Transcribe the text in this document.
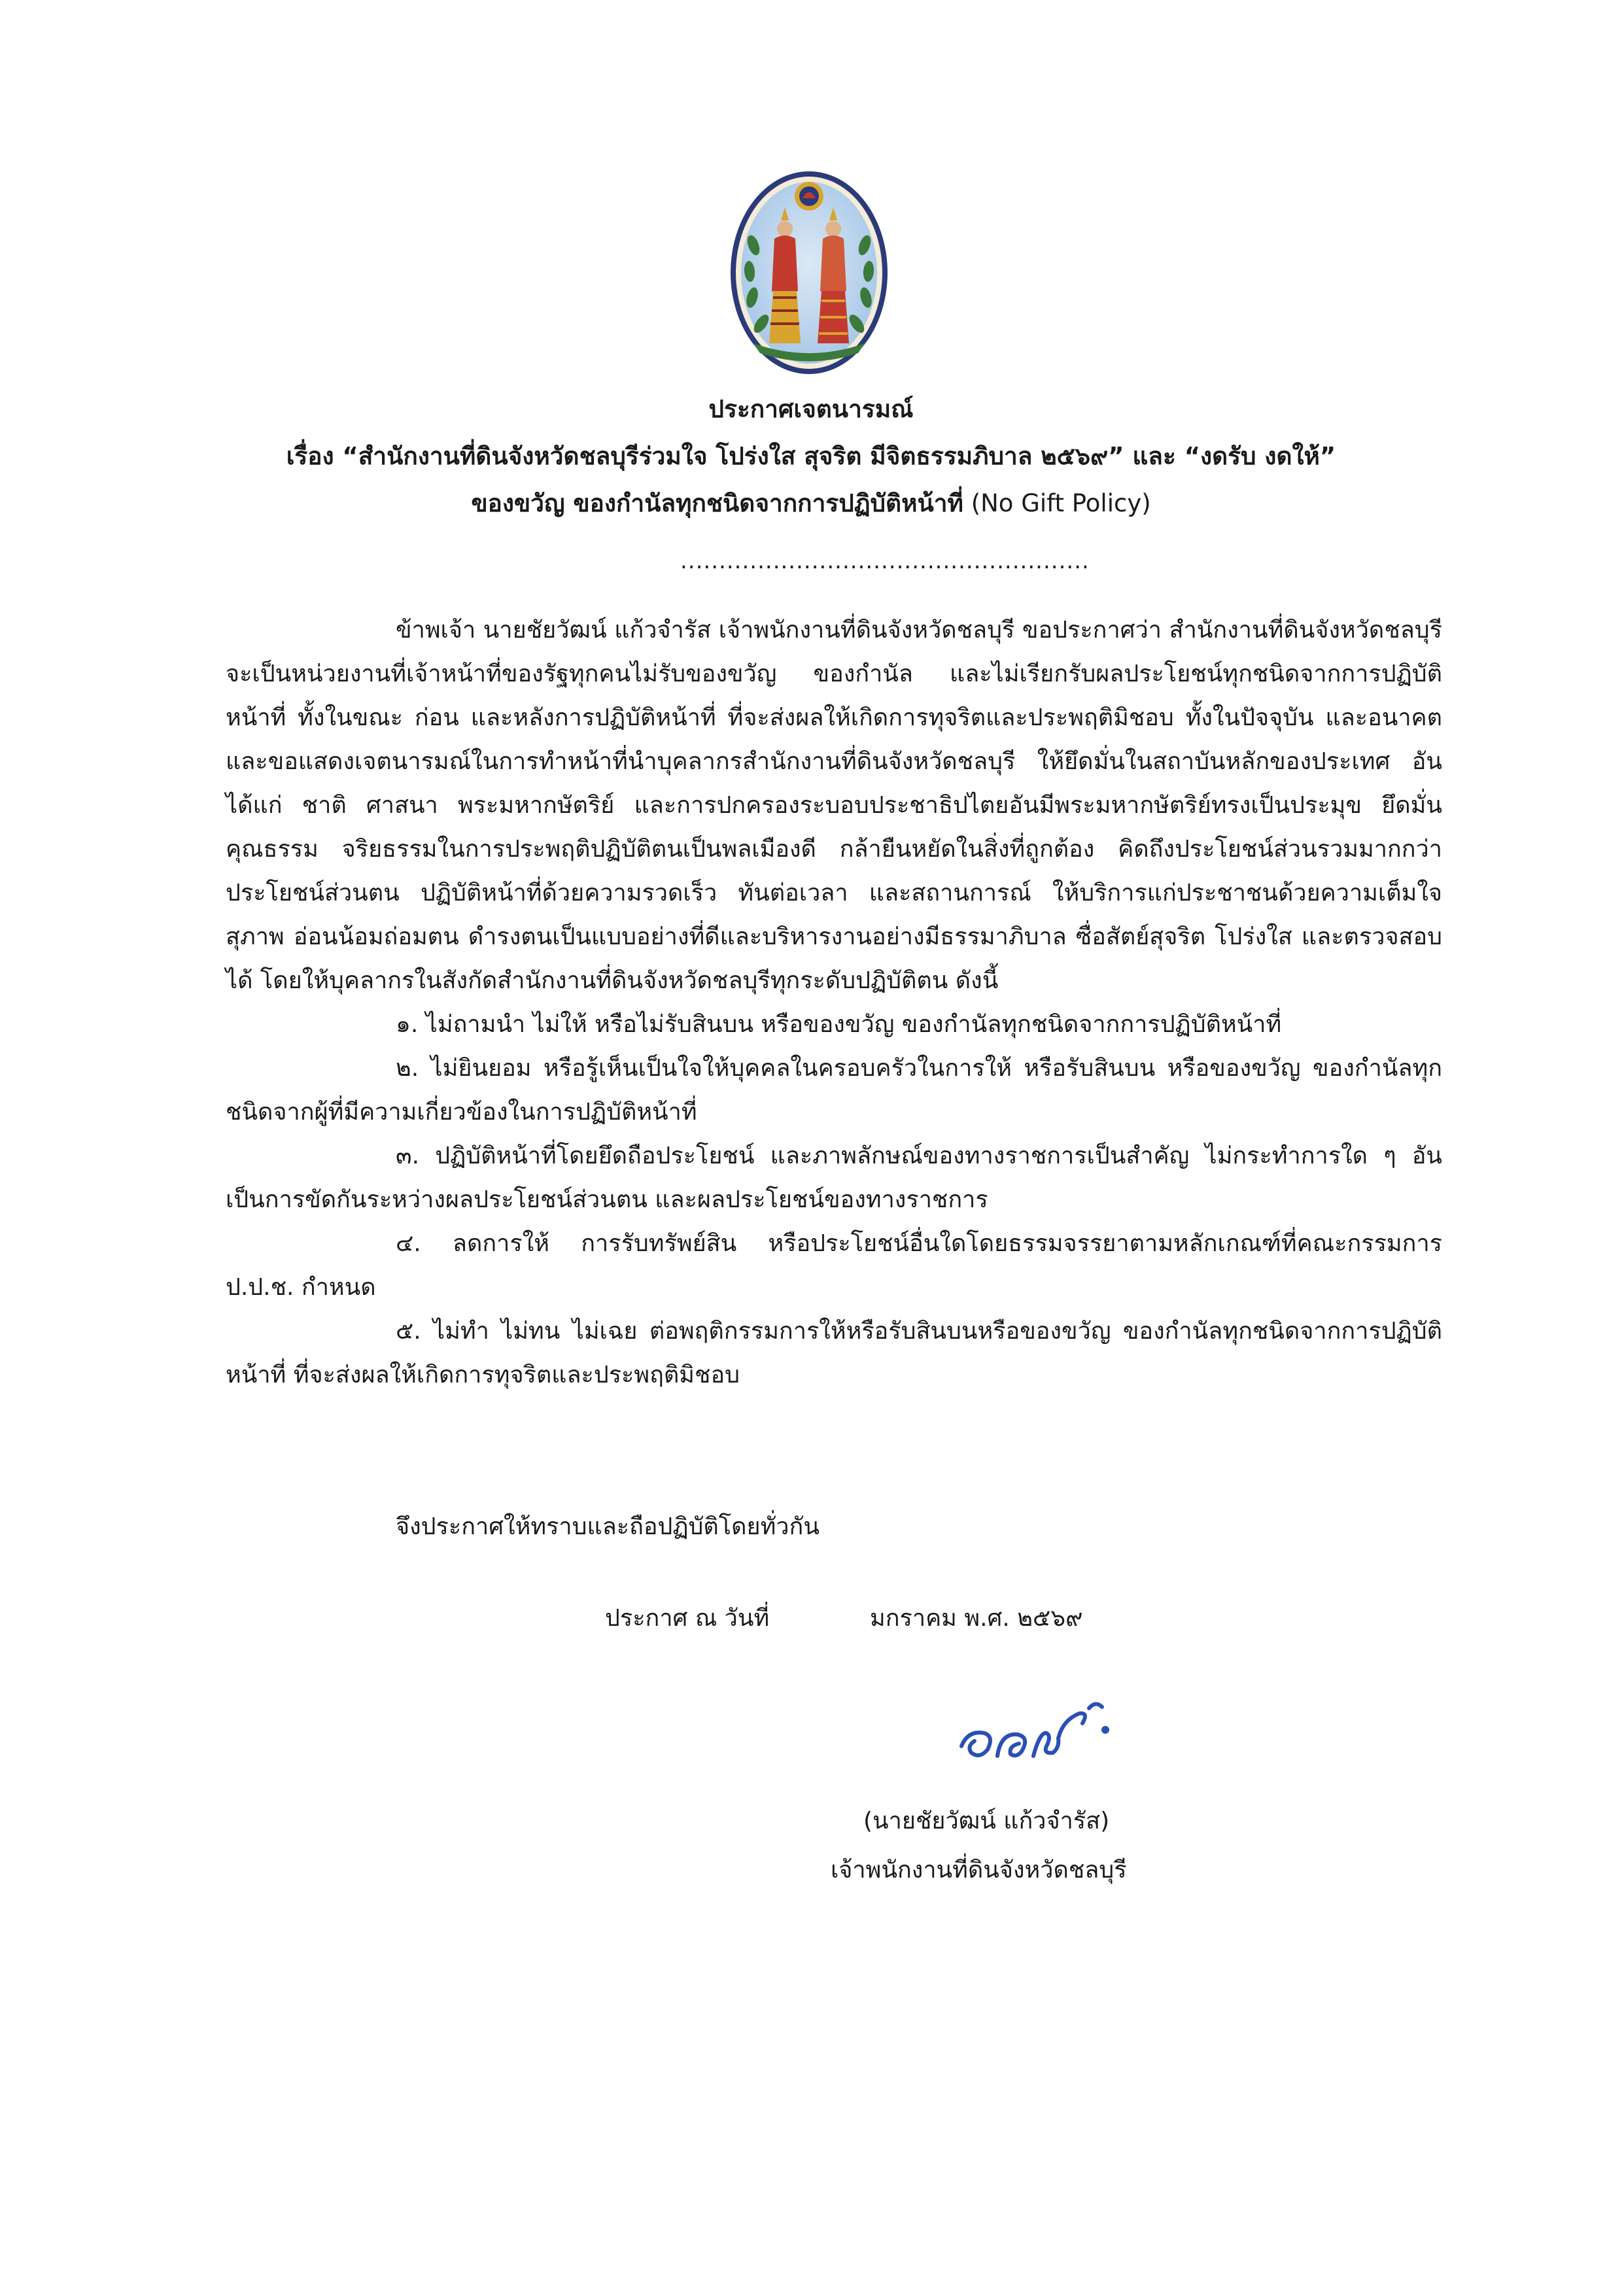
ประกาศเจตนารมณ์
เรื่อง “สำนักงานที่ดินจังหวัดชลบุรีร่วมใจ โปร่งใส สุจริต มีจิตธรรมภิบาล ๒๕๖๙” และ “งดรับ งดให้”
ของขวัญ ของกำนัลทุกชนิดจากการปฏิบัติหน้าที่ (No Gift Policy)
.....................................................

ข้าพเจ้า นายชัยวัฒน์ แก้วจำรัส เจ้าพนักงานที่ดินจังหวัดชลบุรี ขอประกาศว่า สำนักงานที่ดินจังหวัดชลบุรี จะเป็นหน่วยงานที่เจ้าหน้าที่ของรัฐทุกคนไม่รับของขวัญ ของกำนัล และไม่เรียกรับผลประโยชน์ทุกชนิดจากการปฏิบัติหน้าที่ ทั้งในขณะ ก่อน และหลังการปฏิบัติหน้าที่ ที่จะส่งผลให้เกิดการทุจริตและประพฤติมิชอบ ทั้งในปัจจุบัน และอนาคต และขอแสดงเจตนารมณ์ในการทำหน้าที่นำบุคลากรสำนักงานที่ดินจังหวัดชลบุรี ให้ยึดมั่นในสถาบันหลักของประเทศ อันได้แก่ ชาติ ศาสนา พระมหากษัตริย์ และการปกครองระบอบประชาธิปไตยอันมีพระมหากษัตริย์ทรงเป็นประมุข ยึดมั่นคุณธรรม จริยธรรมในการประพฤติปฏิบัติตนเป็นพลเมืองดี กล้ายืนหยัดในสิ่งที่ถูกต้อง คิดถึงประโยชน์ส่วนรวมมากกว่าประโยชน์ส่วนตน ปฏิบัติหน้าที่ด้วยความรวดเร็ว ทันต่อเวลา และสถานการณ์ ให้บริการแก่ประชาชนด้วยความเต็มใจ สุภาพ อ่อนน้อมถ่อมตน ดำรงตนเป็นแบบอย่างที่ดีและบริหารงานอย่างมีธรรมาภิบาล ซื่อสัตย์สุจริต โปร่งใส และตรวจสอบได้ โดยให้บุคลากรในสังกัดสำนักงานที่ดินจังหวัดชลบุรีทุกระดับปฏิบัติตน ดังนี้

๑. ไม่ถามนำ ไม่ให้ หรือไม่รับสินบน หรือของขวัญ ของกำนัลทุกชนิดจากการปฏิบัติหน้าที่

๒. ไม่ยินยอม หรือรู้เห็นเป็นใจให้บุคคลในครอบครัวในการให้ หรือรับสินบน หรือของขวัญ ของกำนัลทุกชนิดจากผู้ที่มีความเกี่ยวข้องในการปฏิบัติหน้าที่

๓. ปฏิบัติหน้าที่โดยยึดถือประโยชน์ และภาพลักษณ์ของทางราชการเป็นสำคัญ ไม่กระทำการใด ๆ อันเป็นการขัดกันระหว่างผลประโยชน์ส่วนตน และผลประโยชน์ของทางราชการ

๔. ลดการให้ การรับทรัพย์สิน หรือประโยชน์อื่นใดโดยธรรมจรรยาตามหลักเกณฑ์ที่คณะกรรมการ ป.ป.ช. กำหนด

๕. ไม่ทำ ไม่ทน ไม่เฉย ต่อพฤติกรรมการให้หรือรับสินบนหรือของขวัญ ของกำนัลทุกชนิดจากการปฏิบัติหน้าที่ ที่จะส่งผลให้เกิดการทุจริตและประพฤติมิชอบ

จึงประกาศให้ทราบและถือปฏิบัติโดยทั่วกัน
ประกาศ ณ วันที่	มกราคม พ.ศ. ๒๕๖๙
(นายชัยวัฒน์ แก้วจำรัส)
เจ้าพนักงานที่ดินจังหวัดชลบุรี
